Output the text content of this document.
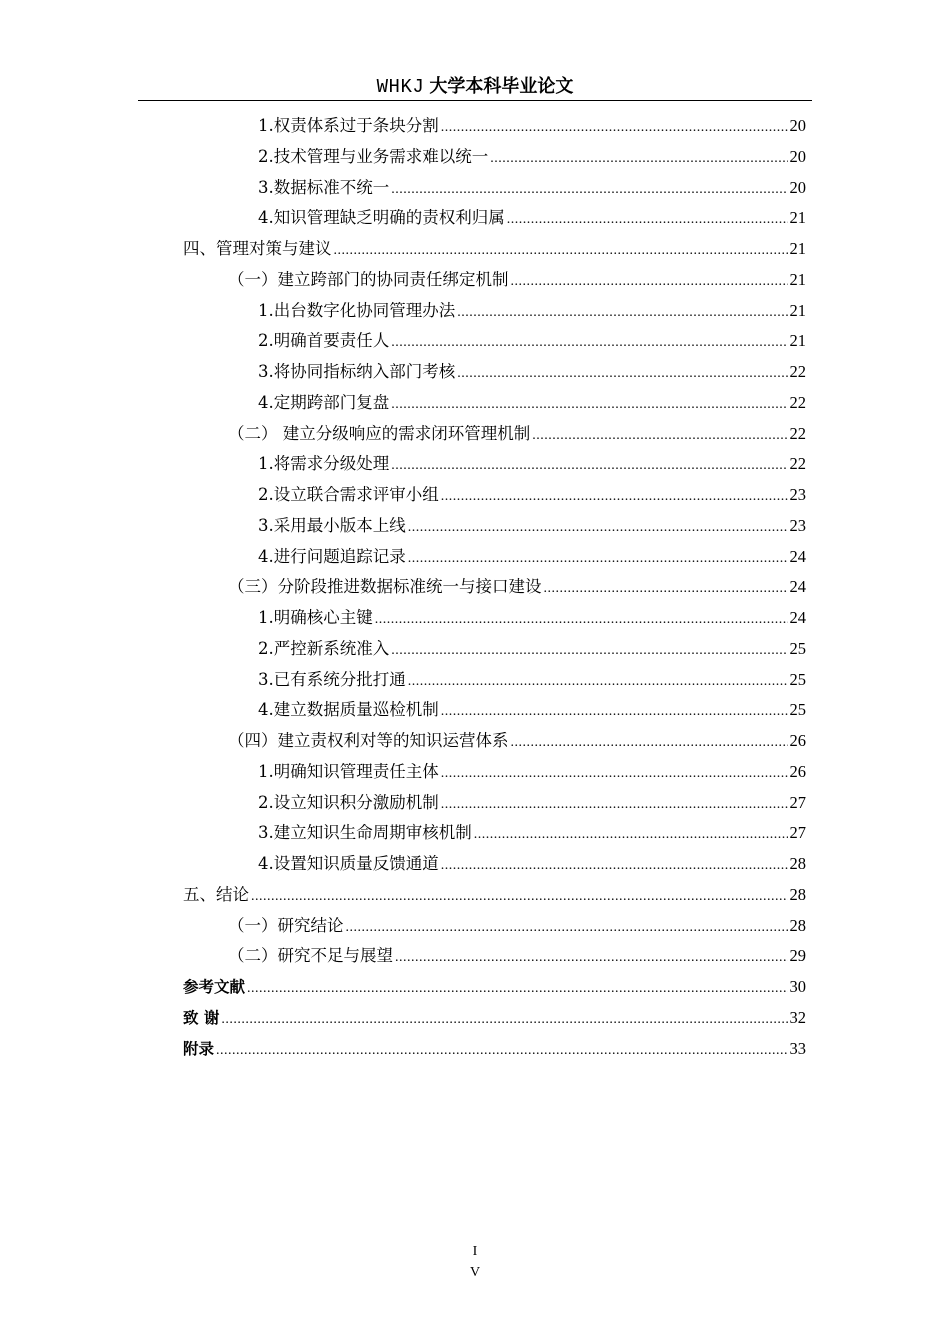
WHKJ 大学本科毕业论文
1.权责体系过于条块分割 .....	20
2.技术管理与业务需求难以统一 .....	20
3.数据标准不统一 .....	20
4.知识管理缺乏明确的责权利归属 .....	21
四、管理对策与建议 .....	21
（一）建立跨部门的协同责任绑定机制 .....	21
1.出台数字化协同管理办法 .....	21
2.明确首要责任人 .....	21
3.将协同指标纳入部门考核 .....	22
4.定期跨部门复盘 .....	22
（二） 建立分级响应的需求闭环管理机制 .....	22
1.将需求分级处理 .....	22
2.设立联合需求评审小组 .....	23
3.采用最小版本上线 .....	23
4.进行问题追踪记录 .....	24
（三）分阶段推进数据标准统一与接口建设 .....	24
1.明确核心主键 .....	24
2.严控新系统准入 .....	25
3.已有系统分批打通 .....	25
4.建立数据质量巡检机制 .....	25
（四）建立责权利对等的知识运营体系 .....	26
1.明确知识管理责任主体 .....	26
2.设立知识积分激励机制 .....	27
3.建立知识生命周期审核机制 .....	27
4.设置知识质量反馈通道 .....	28
五、结论 .....	28
（一）研究结论 .....	28
（二）研究不足与展望 .....	29
参考文献 .....	30
致 谢 .....	32
附录 .....	33
I
V
